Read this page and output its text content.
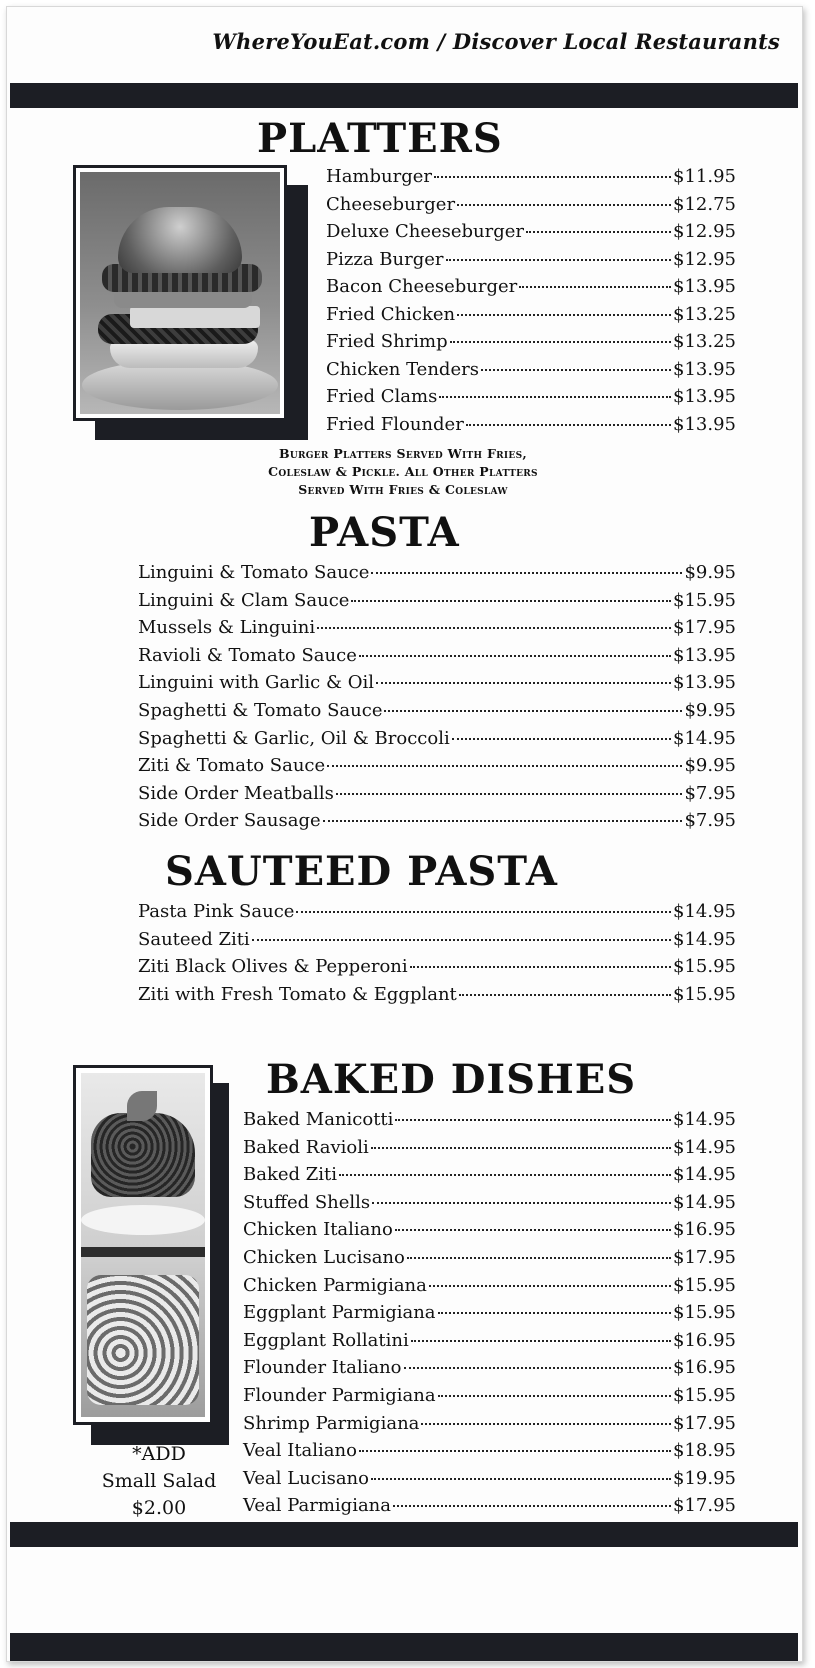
WhereYouEat.com / Discover Local Restaurants
PLATTERS
Hamburger	$11.95
Cheeseburger	$12.75
Deluxe Cheeseburger	$12.95
Pizza Burger	$12.95
Bacon Cheeseburger	$13.95
Fried Chicken	$13.25
Fried Shrimp	$13.25
Chicken Tenders	$13.95
Fried Clams	$13.95
Fried Flounder	$13.95
Burger Platters Served With Fries,
Coleslaw & Pickle. All Other Platters
Served With Fries & Coleslaw
PASTA
Linguini & Tomato Sauce	$9.95
Linguini & Clam Sauce	$15.95
Mussels & Linguini	$17.95
Ravioli & Tomato Sauce	$13.95
Linguini with Garlic & Oil	$13.95
Spaghetti & Tomato Sauce	$9.95
Spaghetti & Garlic, Oil & Broccoli	$14.95
Ziti & Tomato Sauce	$9.95
Side Order Meatballs	$7.95
Side Order Sausage	$7.95
SAUTEED PASTA
Pasta Pink Sauce	$14.95
Sauteed Ziti	$14.95
Ziti Black Olives & Pepperoni	$15.95
Ziti with Fresh Tomato & Eggplant	$15.95
BAKED DISHES
Baked Manicotti	$14.95
Baked Ravioli	$14.95
Baked Ziti	$14.95
Stuffed Shells	$14.95
Chicken Italiano	$16.95
Chicken Lucisano	$17.95
Chicken Parmigiana	$15.95
Eggplant Parmigiana	$15.95
Eggplant Rollatini	$16.95
Flounder Italiano	$16.95
Flounder Parmigiana	$15.95
Shrimp Parmigiana	$17.95
Veal Italiano	$18.95
Veal Lucisano	$19.95
Veal Parmigiana	$17.95
*ADD
Small Salad
$2.00
